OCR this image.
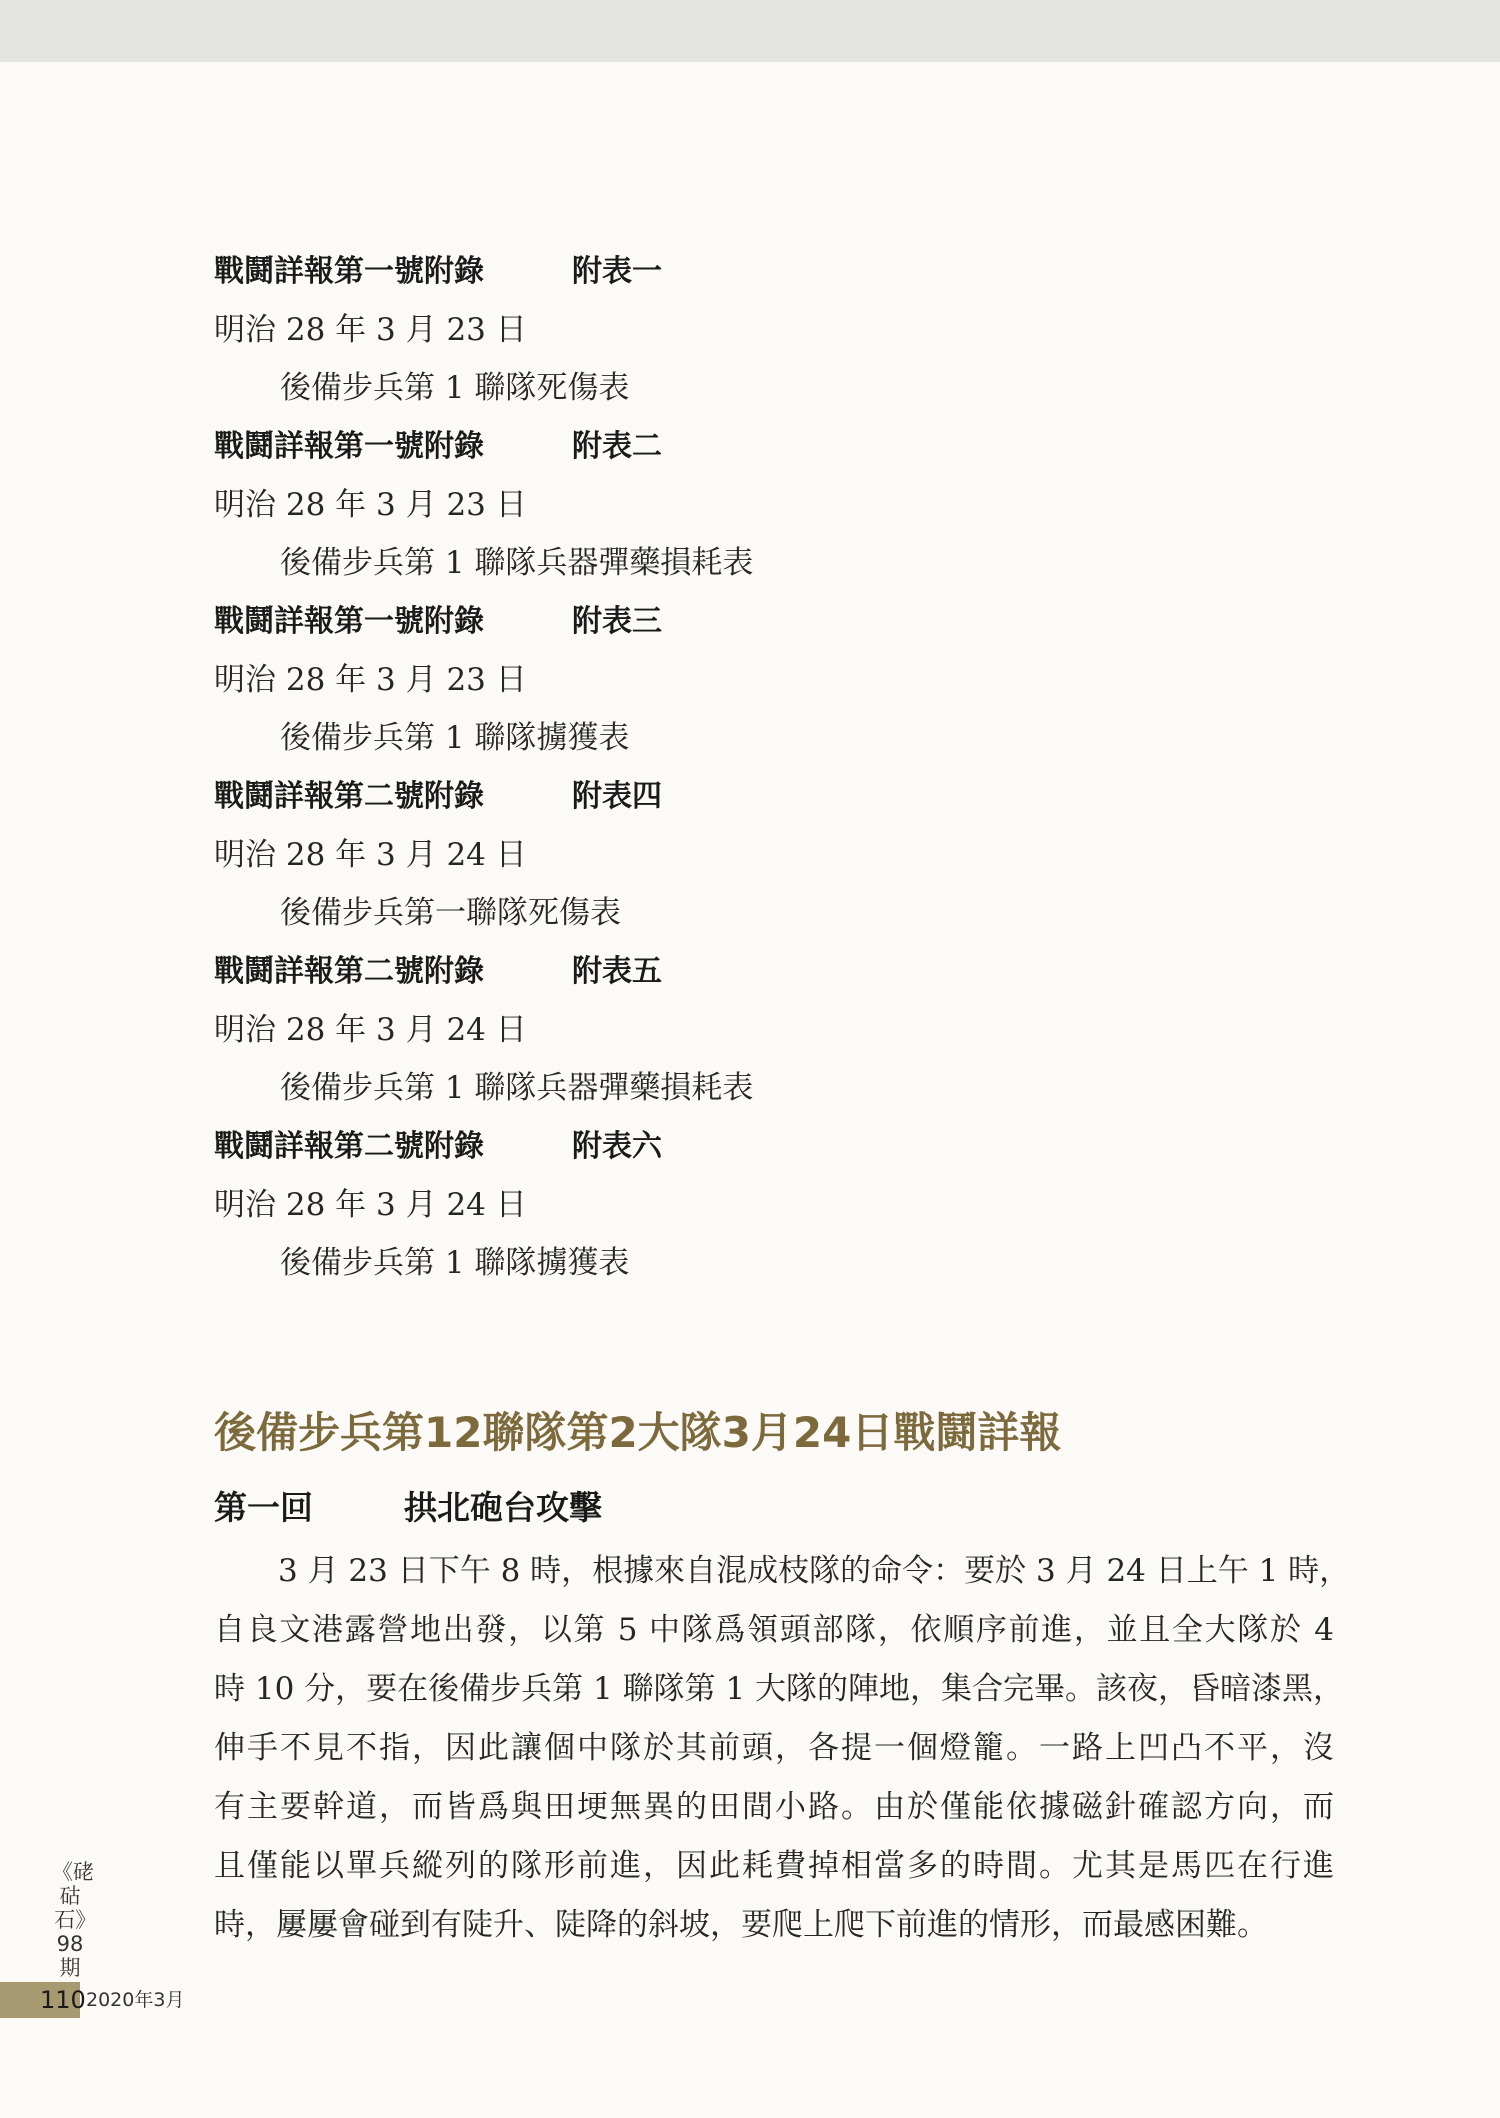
戰鬪詳報第一號附錄	附表一
明治 28 年 3 月 23 日
後備步兵第 1 聯隊死傷表
戰鬪詳報第一號附錄	附表二
明治 28 年 3 月 23 日
後備步兵第 1 聯隊兵器彈藥損耗表
戰鬪詳報第一號附錄	附表三
明治 28 年 3 月 23 日
後備步兵第 1 聯隊擄獲表
戰鬪詳報第二號附錄	附表四
明治 28 年 3 月 24 日
後備步兵第一聯隊死傷表
戰鬪詳報第二號附錄	附表五
明治 28 年 3 月 24 日
後備步兵第 1 聯隊兵器彈藥損耗表
戰鬪詳報第二號附錄	附表六
明治 28 年 3 月 24 日
後備步兵第 1 聯隊擄獲表
後備步兵第12聯隊第2大隊3月24日戰鬪詳報
第一回	拱北砲台攻擊
3 月 23 日下午 8 時，根據來自混成枝隊的命令：要於 3 月 24 日上午 1 時，
自良文港露營地出發，以第 5 中隊爲領頭部隊，依順序前進，並且全大隊於 4
時 10 分，要在後備步兵第 1 聯隊第 1 大隊的陣地，集合完畢。該夜，昏暗漆黑，
伸手不見不指，因此讓個中隊於其前頭，各提一個燈籠。一路上凹凸不平，沒
有主要幹道，而皆爲與田埂無異的田間小路。由於僅能依據磁針確認方向，而
且僅能以單兵縱列的隊形前進，因此耗費掉相當多的時間。尤其是馬匹在行進
時，屢屢會碰到有陡升、陡降的斜坡，要爬上爬下前進的情形，而最感困難。
《硓𥑮石》98期
110 2020年3月
